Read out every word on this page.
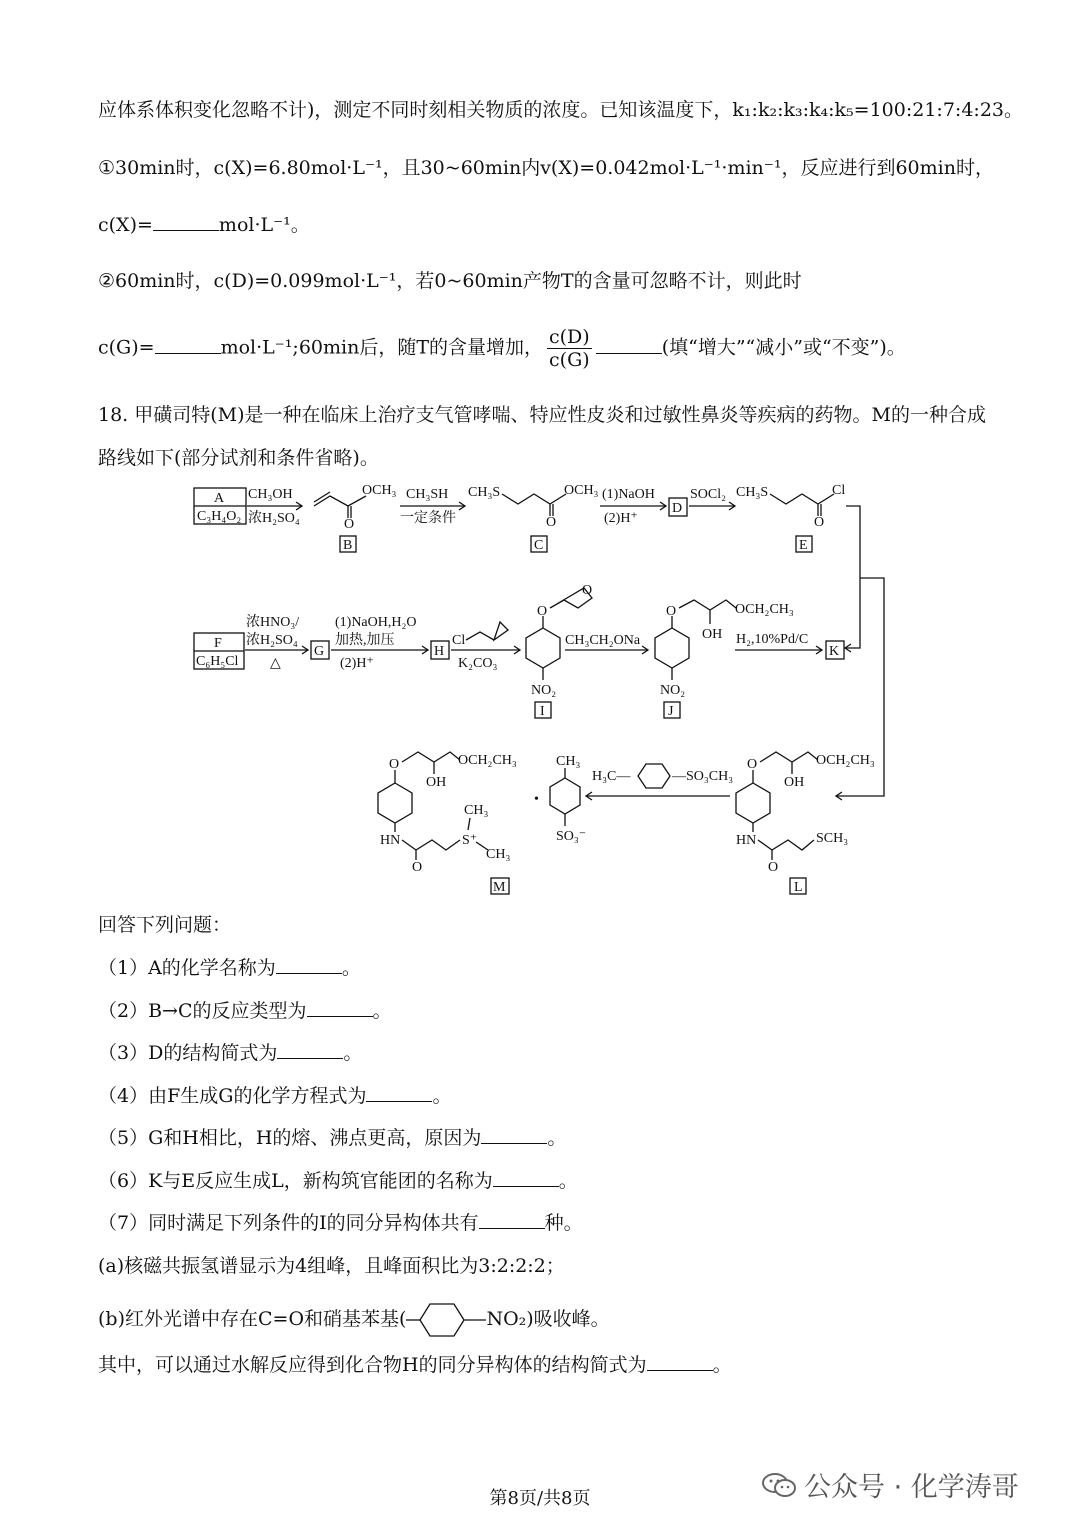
应体系体积变化忽略不计)，测定不同时刻相关物质的浓度。已知该温度下，k₁:k₂:k₃:k₄:k₅=100:21:7:4:23。
①30min时，c(X)=6.80mol·L⁻¹，且30~60min内v(X)=0.042mol·L⁻¹·min⁻¹，反应进行到60min时，
c(X)=	mol·L⁻¹。
②60min时，c(D)=0.099mol·L⁻¹，若0~60min产物T的含量可忽略不计，则此时
c(G)=	mol·L⁻¹;60min后，随T的含量增加， $\frac{c(D)}{c(G)}$	(填“增大”“减小”或“不变”)。
18. 甲磺司特(M)是一种在临床上治疗支气管哮喘、特应性皮炎和过敏性鼻炎等疾病的药物。M的一种合成
路线如下(部分试剂和条件省略)。
A
C₃H₄O₂
CH₃OH
浓H₂SO₄	O
OCH₃
B
CH₃SH
一定条件
CH₃S
O
OCH₃
C
(1)NaOH
(2)H⁺
D
SOCl₂ CH₃S
O
Cl
E
F
C₆H₅Cl
浓HNO₃/
浓H₂SO₄
△
G
(1)NaOH,H₂O
加热,加压
(2)H⁺
H
Cl
K₂CO₃
O
O
NO₂
I
CH₃CH₂ONa
O
OH
OCH₂CH₃
NO₂
J
H₂,10%Pd/C
K
O
OH
OCH₂CH₃
HN
O
SCH₃
L
H₃C—	—SO₃CH₃
•
CH₃
SO₃⁻
O
OH
OCH₂CH₃
HN
O
S⁺
CH₃
CH₃
M
回答下列问题：
（1）A的化学名称为	。
（2）B→C的反应类型为	。
（3）D的结构简式为	。
（4）由F生成G的化学方程式为	。
（5）G和H相比，H的熔、沸点更高，原因为	。
（6）K与E反应生成L，新构筑官能团的名称为	。
（7）同时满足下列条件的I的同分异构体共有	种。
(a)核磁共振氢谱显示为4组峰，且峰面积比为3:2:2:2；
(b)红外光谱中存在C=O和硝基苯基(	NO₂)吸收峰。
其中，可以通过水解反应得到化合物H的同分异构体的结构简式为	。
第8页/共8页	公众号 · 化学涛哥
